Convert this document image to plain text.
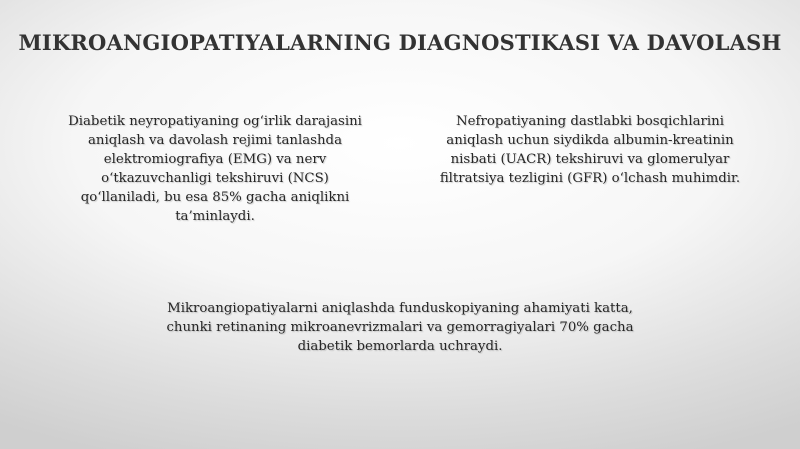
MIKROANGIOPATIYALARNING DIAGNOSTIKASI VA DAVOLASH
Diabetik neyropatiyaning og‘irlik darajasini
aniqlash va davolash rejimi tanlashda
elektromiografiya (EMG) va nerv
o‘tkazuvchanligi tekshiruvi (NCS)
qo‘llaniladi, bu esa 85% gacha aniqlikni
ta’minlaydi.
Nefropatiyaning dastlabki bosqichlarini
aniqlash uchun siydikda albumin-kreatinin
nisbati (UACR) tekshiruvi va glomerulyar
filtratsiya tezligini (GFR) o‘lchash muhimdir.
Mikroangiopatiyalarni aniqlashda funduskopiyaning ahamiyati katta,
chunki retinaning mikroanevrizmalari va gemorragiyalari 70% gacha
diabetik bemorlarda uchraydi.
